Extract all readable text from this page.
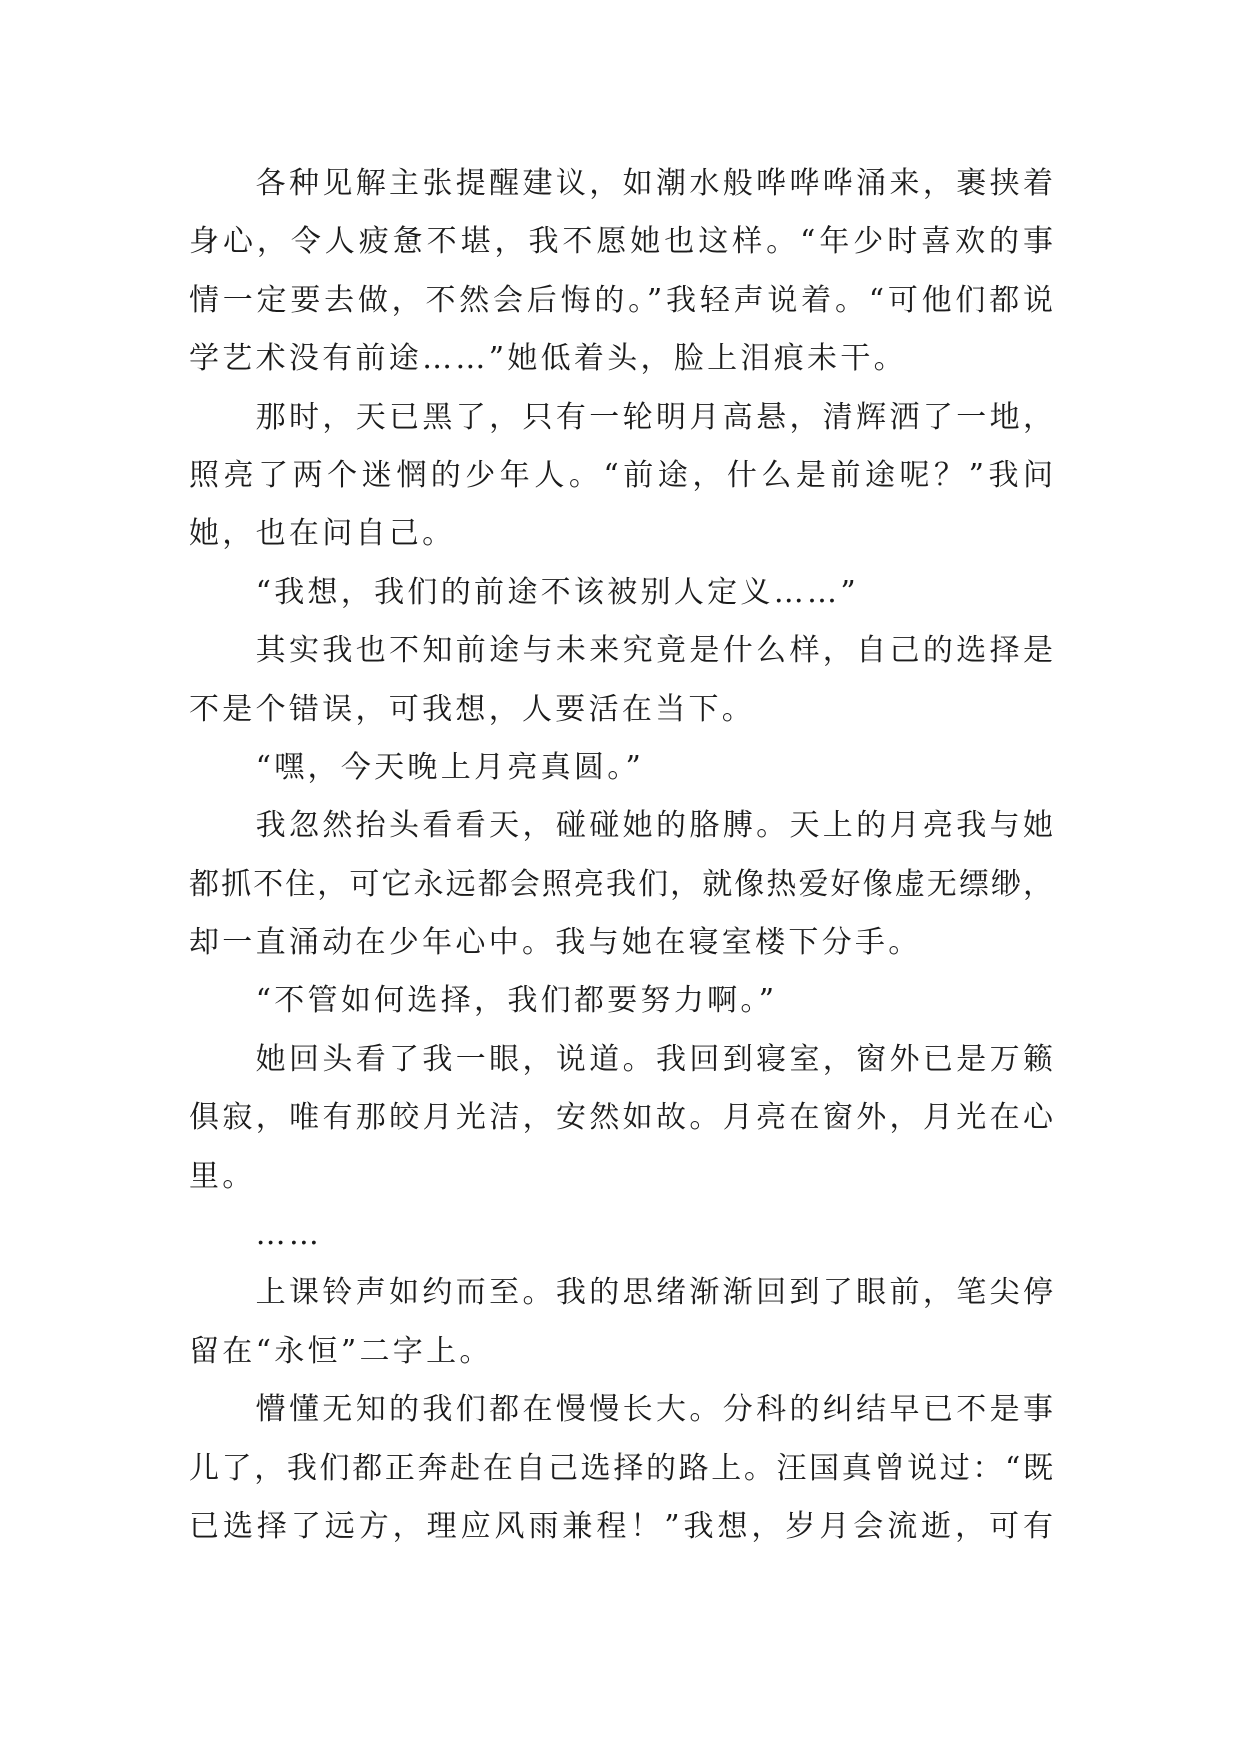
各种见解主张提醒建议，如潮水般哗哗哗涌来，裹挟着
身心，令人疲惫不堪，我不愿她也这样。“年少时喜欢的事
情一定要去做，不然会后悔的。”我轻声说着。“可他们都说
学艺术没有前途……”她低着头，脸上泪痕未干。
那时，天已黑了，只有一轮明月高悬，清辉洒了一地，
照亮了两个迷惘的少年人。“前途，什么是前途呢？”我问
她，也在问自己。
“我想，我们的前途不该被别人定义……”
其实我也不知前途与未来究竟是什么样，自己的选择是
不是个错误，可我想，人要活在当下。
“嘿，今天晚上月亮真圆。”
我忽然抬头看看天，碰碰她的胳膊。天上的月亮我与她
都抓不住，可它永远都会照亮我们，就像热爱好像虚无缥缈，
却一直涌动在少年心中。我与她在寝室楼下分手。
“不管如何选择，我们都要努力啊。”
她回头看了我一眼，说道。我回到寝室，窗外已是万籁
俱寂，唯有那皎月光洁，安然如故。月亮在窗外，月光在心
里。
……
上课铃声如约而至。我的思绪渐渐回到了眼前，笔尖停
留在“永恒”二字上。
懵懂无知的我们都在慢慢长大。分科的纠结早已不是事
儿了，我们都正奔赴在自己选择的路上。汪国真曾说过：“既
已选择了远方，理应风雨兼程！”我想，岁月会流逝，可有
